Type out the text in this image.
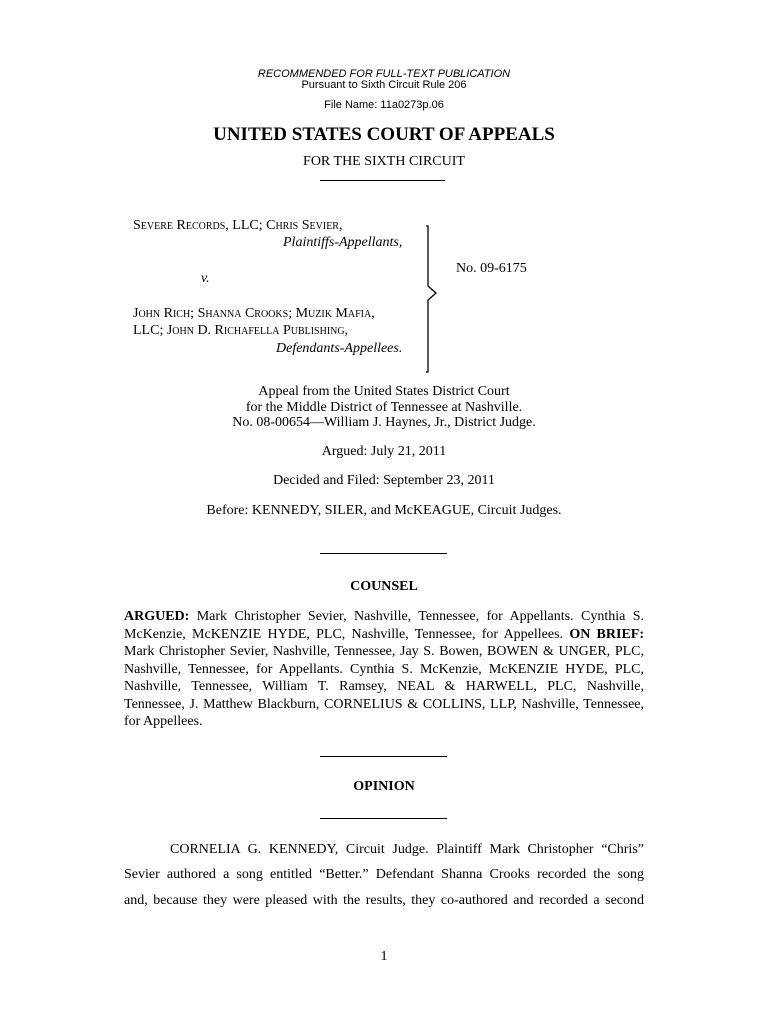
RECOMMENDED FOR FULL-TEXT PUBLICATION
Pursuant to Sixth Circuit Rule 206
File Name: 11a0273p.06
UNITED STATES COURT OF APPEALS
FOR THE SIXTH CIRCUIT
Severe Records, LLC; Chris Sevier,
Plaintiffs-Appellants,
v.
John Rich; Shanna Crooks; Muzik Mafia,
LLC; John D. Richafella Publishing,
Defendants-Appellees.
No. 09-6175
Appeal from the United States District Court
for the Middle District of Tennessee at Nashville.
No. 08-00654—William J. Haynes, Jr., District Judge.
Argued: July 21, 2011
Decided and Filed: September 23, 2011
Before: KENNEDY, SILER, and McKEAGUE, Circuit Judges.
COUNSEL
ARGUED: Mark Christopher Sevier, Nashville, Tennessee, for Appellants. Cynthia S. McKenzie, McKENZIE HYDE, PLC, Nashville, Tennessee, for Appellees. ON BRIEF: Mark Christopher Sevier, Nashville, Tennessee, Jay S. Bowen, BOWEN & UNGER, PLC, Nashville, Tennessee, for Appellants. Cynthia S. McKenzie, McKENZIE HYDE, PLC, Nashville, Tennessee, William T. Ramsey, NEAL & HARWELL, PLC, Nashville, Tennessee, J. Matthew Blackburn, CORNELIUS & COLLINS, LLP, Nashville, Tennessee, for Appellees.
OPINION
CORNELIA G. KENNEDY, Circuit Judge. Plaintiff Mark Christopher “Chris”
Sevier authored a song entitled “Better.” Defendant Shanna Crooks recorded the song
and, because they were pleased with the results, they co-authored and recorded a second
1
